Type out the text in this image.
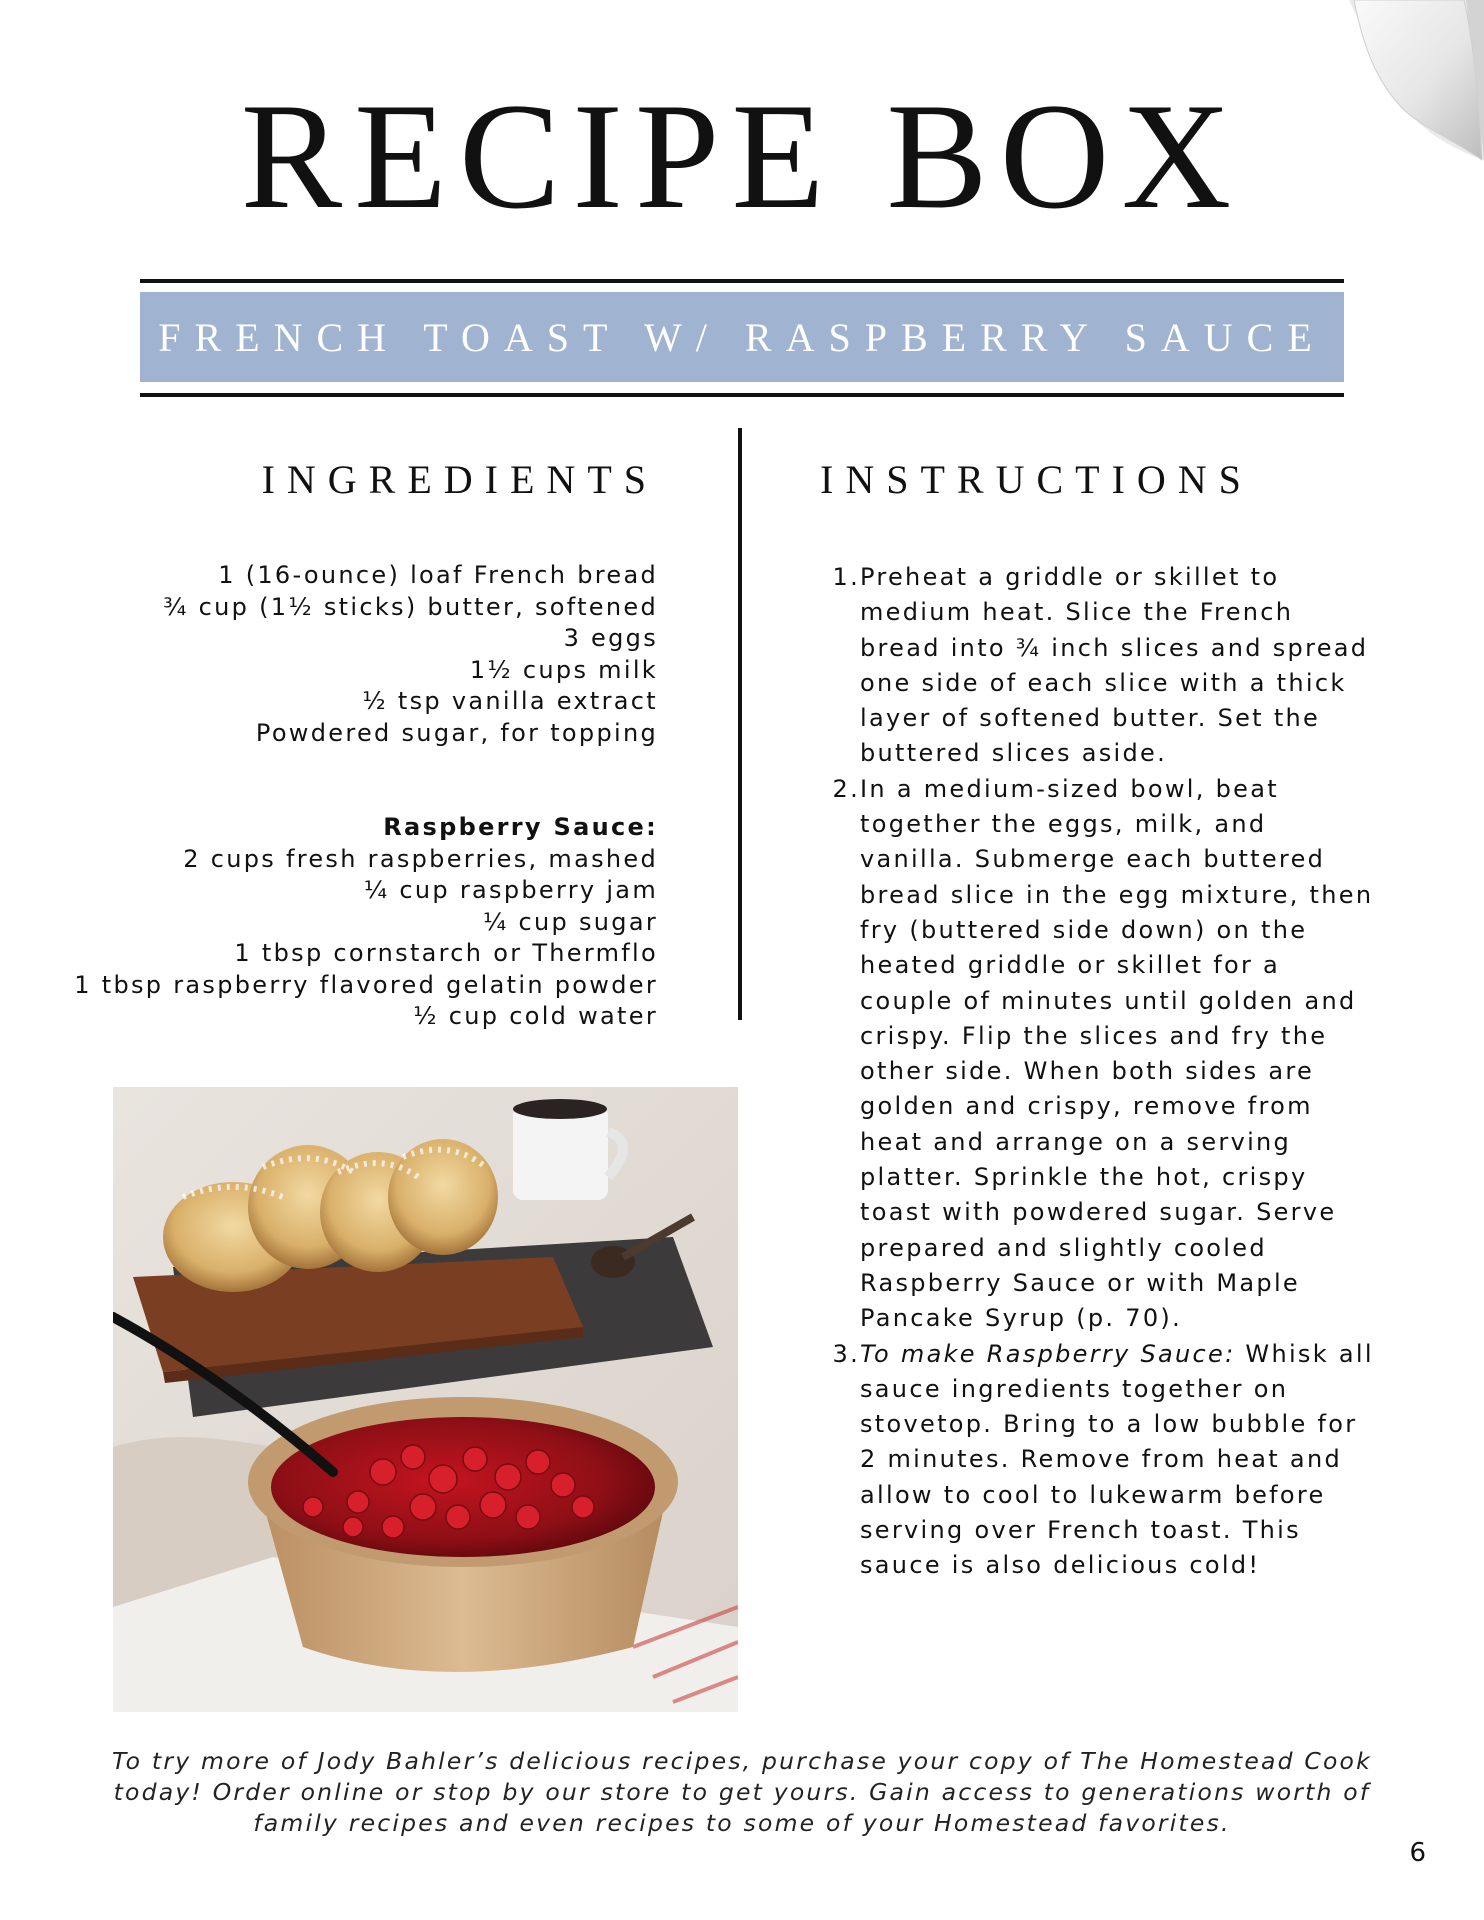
RECIPE BOX
FRENCH TOAST W/ RASPBERRY SAUCE
INGREDIENTS	INSTRUCTIONS
1 (16-ounce) loaf French bread
¾ cup (1½ sticks) butter, softened
3 eggs
1½ cups milk
½ tsp vanilla extract
Powdered sugar, for topping
Raspberry Sauce:
2 cups fresh raspberries, mashed
¼ cup raspberry jam
¼ cup sugar
1 tbsp cornstarch or Thermflo
1 tbsp raspberry flavored gelatin powder
½ cup cold water
1. Preheat a griddle or skillet to medium heat. Slice the French bread into ¾ inch slices and spread one side of each slice with a thick layer of softened butter. Set the buttered slices aside.
2. In a medium-sized bowl, beat together the eggs, milk, and vanilla. Submerge each buttered bread slice in the egg mixture, then fry (buttered side down) on the heated griddle or skillet for a couple of minutes until golden and crispy. Flip the slices and fry the other side. When both sides are golden and crispy, remove from heat and arrange on a serving platter. Sprinkle the hot, crispy toast with powdered sugar. Serve prepared and slightly cooled Raspberry Sauce or with Maple Pancake Syrup (p. 70).
3. To make Raspberry Sauce: Whisk all sauce ingredients together on stovetop. Bring to a low bubble for 2 minutes. Remove from heat and allow to cool to lukewarm before serving over French toast. This sauce is also delicious cold!
To try more of Jody Bahler’s delicious recipes, purchase your copy of The Homestead Cook today! Order online or stop by our store to get yours. Gain access to generations worth of family recipes and even recipes to some of your Homestead favorites.
6
